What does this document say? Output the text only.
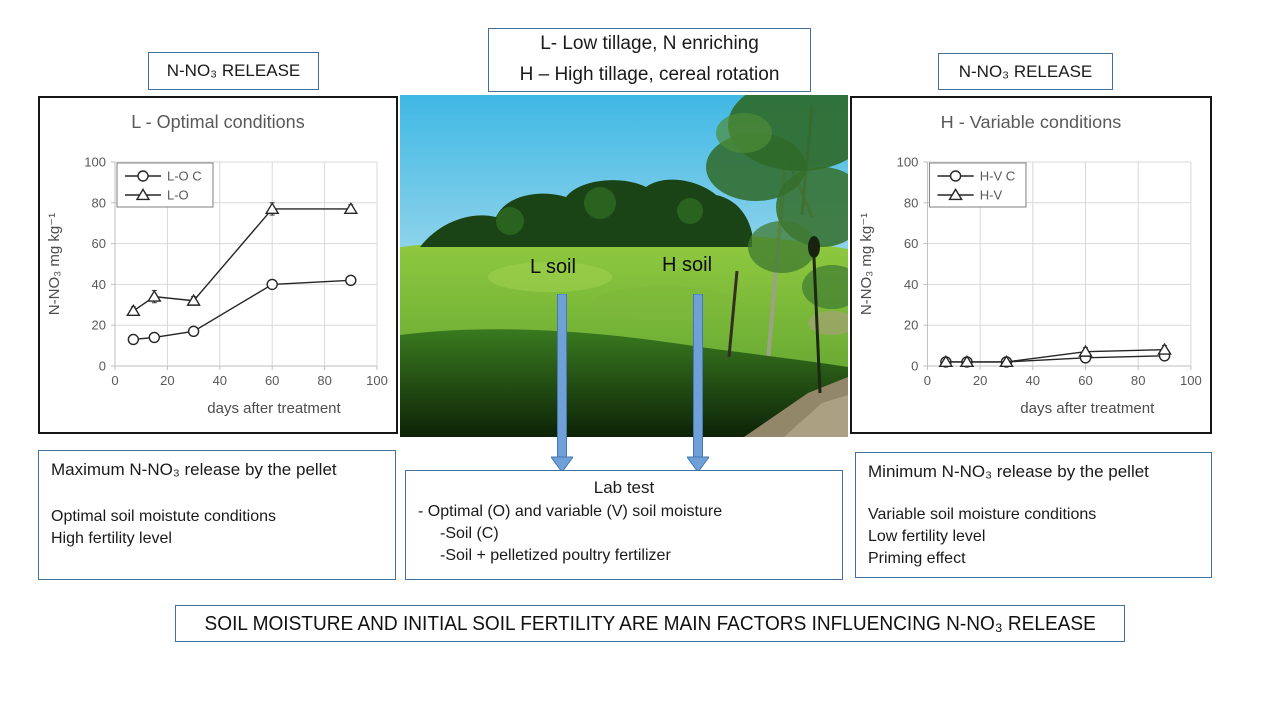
N-NO₃ RELEASE
L- Low tillage, N enriching
H – High tillage, cereal rotation	N-NO₃ RELEASE
L - Optimal conditions
0	20	40	60	80	100
0
20
40
60
80
100
days after treatment
N-NO₃ mg kg⁻¹
L-O C
L-O
L soil	H soil
H - Variable conditions
0	20	40	60	80	100
0
20
40
60
80
100
days after treatment
N-NO₃ mg kg⁻¹
H-V C
H-V
Maximum N-NO₃ release by the pellet
Optimal soil moistute conditions
High fertility level
Lab test
- Optimal (O) and variable (V) soil moisture
-Soil (C)
-Soil + pelletized poultry fertilizer
Minimum N-NO₃ release by the pellet
Variable soil moisture conditions
Low fertility level
Priming effect
SOIL MOISTURE AND INITIAL SOIL FERTILITY ARE MAIN FACTORS INFLUENCING N-NO₃ RELEASE
